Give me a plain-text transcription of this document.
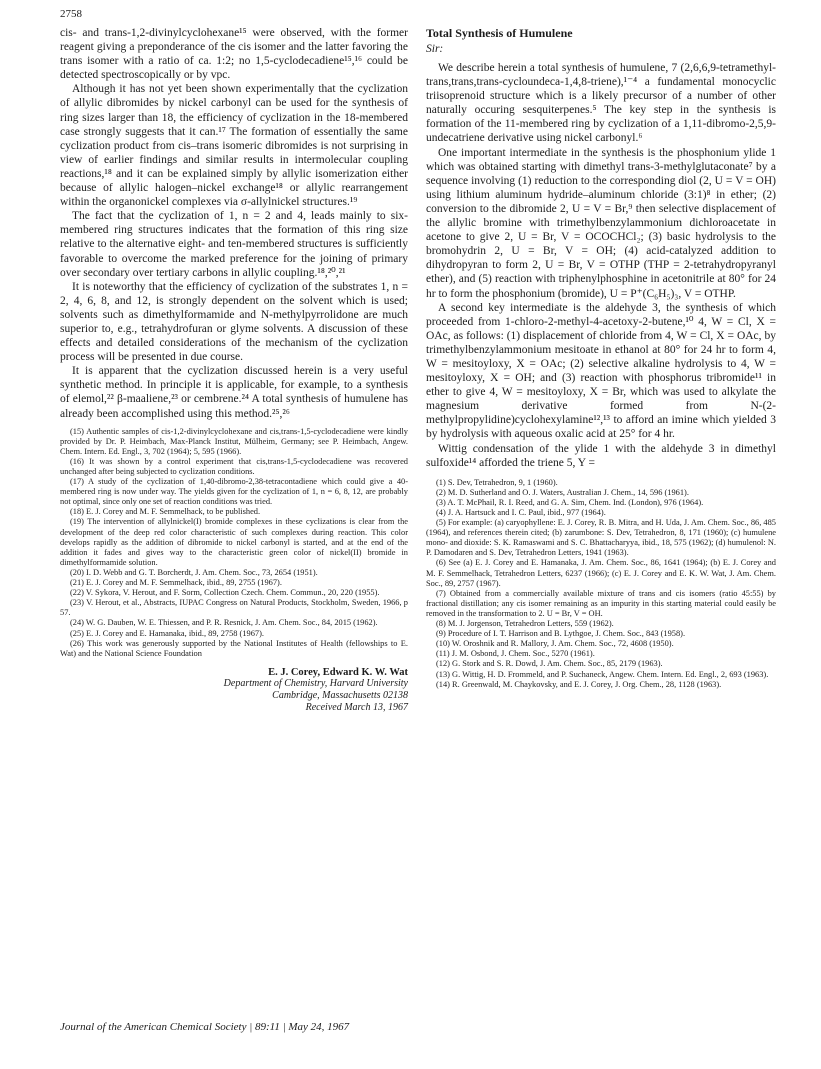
2758

cis- and trans-1,2-divinylcyclohexane¹⁵ were observed, with the former reagent giving a preponderance of the cis isomer and the latter favoring the trans isomer with a ratio of ca. 1:2; no 1,5-cyclodecadiene¹⁵,¹⁶ could be detected spectroscopically or by vpc.

Although it has not yet been shown experimentally that the cyclization of allylic dibromides by nickel carbonyl can be used for the synthesis of ring sizes larger than 18, the efficiency of cyclization in the 18-membered case strongly suggests that it can.¹⁷ The formation of essentially the same cyclization product from cis–trans isomeric dibromides is not surprising in view of earlier findings and similar results in intermolecular coupling reactions,¹⁸ and it can be explained simply by allylic isomerization either because of allylic halogen–nickel exchange¹⁸ or allylic rearrangement within the organonickel complexes via σ-allylnickel structures.¹⁹

The fact that the cyclization of 1, n = 2 and 4, leads mainly to six-membered ring structures indicates that the formation of this ring size relative to the alternative eight- and ten-membered structures is sufficiently favorable to overcome the marked preference for the joining of primary over secondary over tertiary carbons in allylic coupling.¹⁸,²⁰,²¹

It is noteworthy that the efficiency of cyclization of the substrates 1, n = 2, 4, 6, 8, and 12, is strongly dependent on the solvent which is used; solvents such as dimethylformamide and N-methylpyrrolidone are much superior to, e.g., tetrahydrofuran or glyme solvents. A discussion of these effects and detailed considerations of the mechanism of the cyclization process will be presented in due course.

It is apparent that the cyclization discussed herein is a very useful synthetic method. In principle it is applicable, for example, to a synthesis of elemol,²² β-maaliene,²³ or cembrene.²⁴ A total synthesis of humulene has already been accomplished using this method.²⁵,²⁶

(15) Authentic samples of cis-1,2-divinylcyclohexane and cis,trans-1,5-cyclodecadiene were kindly provided by Dr. P. Heimbach, Max-Planck Institut, Mülheim, Germany; see P. Heimbach, Angew. Chem. Intern. Ed. Engl., 3, 702 (1964); 5, 595 (1966).

(16) It was shown by a control experiment that cis,trans-1,5-cyclodecadiene was recovered unchanged after being subjected to cyclization conditions.

(17) A study of the cyclization of 1,40-dibromo-2,38-tetracontadiene which could give a 40-membered ring is now under way. The yields given for the cyclization of 1, n = 6, 8, 12, are probably not optimal, since only one set of reaction conditions was tried.

(18) E. J. Corey and M. F. Semmelhack, to be published.

(19) The intervention of allylnickel(I) bromide complexes in these cyclizations is clear from the development of the deep red color characteristic of such complexes during reaction. This color develops rapidly as the addition of dibromide to nickel carbonyl is started, and at the end of the addition it fades and gives way to the characteristic green color of nickel(II) bromide in dimethylformamide solution.

(20) I. D. Webb and G. T. Borcherdt, J. Am. Chem. Soc., 73, 2654 (1951).

(21) E. J. Corey and M. F. Semmelhack, ibid., 89, 2755 (1967).

(22) V. Sykora, V. Herout, and F. Sorm, Collection Czech. Chem. Commun., 20, 220 (1955).

(23) V. Herout, et al., Abstracts, IUPAC Congress on Natural Products, Stockholm, Sweden, 1966, p 57.

(24) W. G. Dauben, W. E. Thiessen, and P. R. Resnick, J. Am. Chem. Soc., 84, 2015 (1962).

(25) E. J. Corey and E. Hamanaka, ibid., 89, 2758 (1967).

(26) This work was generously supported by the National Institutes of Health (fellowships to E. Wat) and the National Science Foundation

E. J. Corey, Edward K. W. Wat

Department of Chemistry, Harvard University

Cambridge, Massachusetts 02138

Received March 13, 1967

Total Synthesis of Humulene

Sir:

We describe herein a total synthesis of humulene, 7 (2,6,6,9-tetramethyl-trans,trans,trans-cycloundeca-1,4,8-triene),¹⁻⁴ a fundamental monocyclic triisoprenoid structure which is a likely precursor of a number of other naturally occuring sesquiterpenes.⁵ The key step in the synthesis is formation of the 11-membered ring by cyclization of a 1,11-dibromo-2,5,9-undecatriene derivative using nickel carbonyl.⁶

One important intermediate in the synthesis is the phosphonium ylide 1 which was obtained starting with dimethyl trans-3-methylglutaconate⁷ by a sequence involving (1) reduction to the corresponding diol (2, U = V = OH) using lithium aluminum hydride–aluminum chloride (3:1)⁸ in ether; (2) conversion to the dibromide 2, U = V = Br,⁹ then selective displacement of the allylic bromine with trimethylbenzylammonium dichloroacetate in acetone to give 2, U = Br, V = OCOCHCl₂; (3) basic hydrolysis to the bromohydrin 2, U = Br, V = OH; (4) acid-catalyzed addition to dihydropyran to form 2, U = Br, V = OTHP (THP = 2-tetrahydropyranyl ether), and (5) reaction with triphenylphosphine in acetonitrile at 80° for 24 hr to form the phosphonium (bromide), U = P⁺(C₆H₅)₃, V = OTHP.

A second key intermediate is the aldehyde 3, the synthesis of which proceeded from 1-chloro-2-methyl-4-acetoxy-2-butene,¹⁰ 4, W = Cl, X = OAc, as follows: (1) displacement of chloride from 4, W = Cl, X = OAc, by trimethylbenzylammonium mesitoate in ethanol at 80° for 24 hr to form 4, W = mesitoyloxy, X = OAc; (2) selective alkaline hydrolysis to 4, W = mesitoyloxy, X = OH; and (3) reaction with phosphorus tribromide¹¹ in ether to give 4, W = mesitoyloxy, X = Br, which was used to alkylate the magnesium derivative formed from N-(2-methylpropylidine)cyclohexylamine¹²,¹³ to afford an imine which yielded 3 by hydrolysis with aqueous oxalic acid at 25° for 4 hr.

Wittig condensation of the ylide 1 with the aldehyde 3 in dimethyl sulfoxide¹⁴ afforded the triene 5, Y =

(1) S. Dev, Tetrahedron, 9, 1 (1960).

(2) M. D. Sutherland and O. J. Waters, Australian J. Chem., 14, 596 (1961).

(3) A. T. McPhail, R. I. Reed, and G. A. Sim, Chem. Ind. (London), 976 (1964).

(4) J. A. Hartsuck and I. C. Paul, ibid., 977 (1964).

(5) For example: (a) caryophyllene: E. J. Corey, R. B. Mitra, and H. Uda, J. Am. Chem. Soc., 86, 485 (1964), and references therein cited; (b) zarumbone: S. Dev, Tetrahedron, 8, 171 (1960); (c) humulene mono- and dioxide: S. K. Ramaswami and S. C. Bhattacharyya, ibid., 18, 575 (1962); (d) humulenol: N. P. Damodaren and S. Dev, Tetrahedron Letters, 1941 (1963).

(6) See (a) E. J. Corey and E. Hamanaka, J. Am. Chem. Soc., 86, 1641 (1964); (b) E. J. Corey and M. F. Semmelhack, Tetrahedron Letters, 6237 (1966); (c) E. J. Corey and E. K. W. Wat, J. Am. Chem. Soc., 89, 2757 (1967).

(7) Obtained from a commercially available mixture of trans and cis isomers (ratio 45:55) by fractional distillation; any cis isomer remaining as an impurity in this starting material could easily be removed in the transformation to 2. U = Br, V = OH.

(8) M. J. Jorgenson, Tetrahedron Letters, 559 (1962).

(9) Procedure of I. T. Harrison and B. Lythgoe, J. Chem. Soc., 843 (1958).

(10) W. Oroshnik and R. Mallory, J. Am. Chem. Soc., 72, 4608 (1950).

(11) J. M. Osbond, J. Chem. Soc., 5270 (1961).

(12) G. Stork and S. R. Dowd, J. Am. Chem. Soc., 85, 2179 (1963).

(13) G. Wittig, H. D. Frommeld, and P. Suchaneck, Angew. Chem. Intern. Ed. Engl., 2, 693 (1963).

(14) R. Greenwald, M. Chaykovsky, and E. J. Corey, J. Org. Chem., 28, 1128 (1963).

Journal of the American Chemical Society | 89:11 | May 24, 1967
